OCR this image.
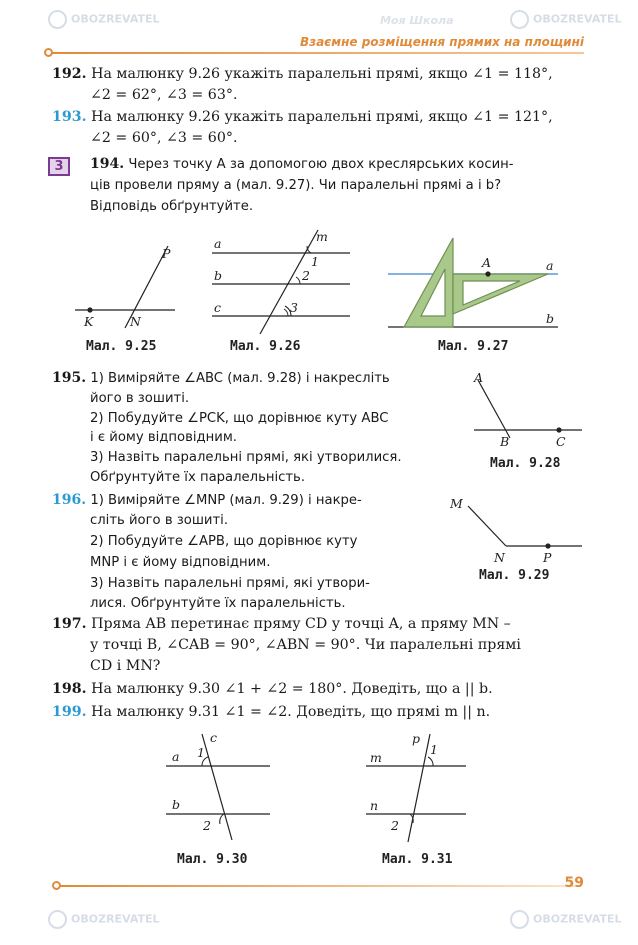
OBOZREVATEL	OBOZREVATEL
Моя Школа
OBOZREVATEL	OBOZREVATEL
Взаємне розміщення прямих на площині
192. На малюнку 9.26 укажіть паралельні прямі, якщо ∠1 = 118°,
∠2 = 62°, ∠3 = 63°.
193. На малюнку 9.26 укажіть паралельні прямі, якщо ∠1 = 121°,
∠2 = 60°, ∠3 = 60°.
3	194. Через точку A за допомогою двох креслярських косин-
ців провели пряму a (мал. 9.27). Чи паралельні прямі a і b?
Відповідь обґрунтуйте.
P
K	N
Мал. 9.25
a
b
c
m
1
2
3
Мал. 9.26
A	a
b
Мал. 9.27
195. 1) Виміряйте ∠ABC (мал. 9.28) і накресліть
його в зошиті.
2) Побудуйте ∠PCK, що дорівнює куту ABC
і є йому відповідним.
3) Назвіть паралельні прямі, які утворилися.
Обґрунтуйте їх паралельність.
A
B	C
Мал. 9.28
196. 1) Виміряйте ∠MNP (мал. 9.29) і накре-
сліть його в зошиті.
2) Побудуйте ∠APB, що дорівнює куту
MNP і є йому відповідним.
3) Назвіть паралельні прямі, які утвори-
лися. Обґрунтуйте їх паралельність.
M
N	P
Мал. 9.29
197. Пряма AB перетинає пряму CD у точці A, а пряму MN –
у точці B, ∠CAB = 90°, ∠ABN = 90°. Чи паралельні прямі
CD і MN?
198. На малюнку 9.30 ∠1 + ∠2 = 180°. Доведіть, що a || b.
199. На малюнку 9.31 ∠1 = ∠2. Доведіть, що прямі m || n.
a
b
c
1
2
Мал. 9.30
m
n
p
1
2
Мал. 9.31
59
